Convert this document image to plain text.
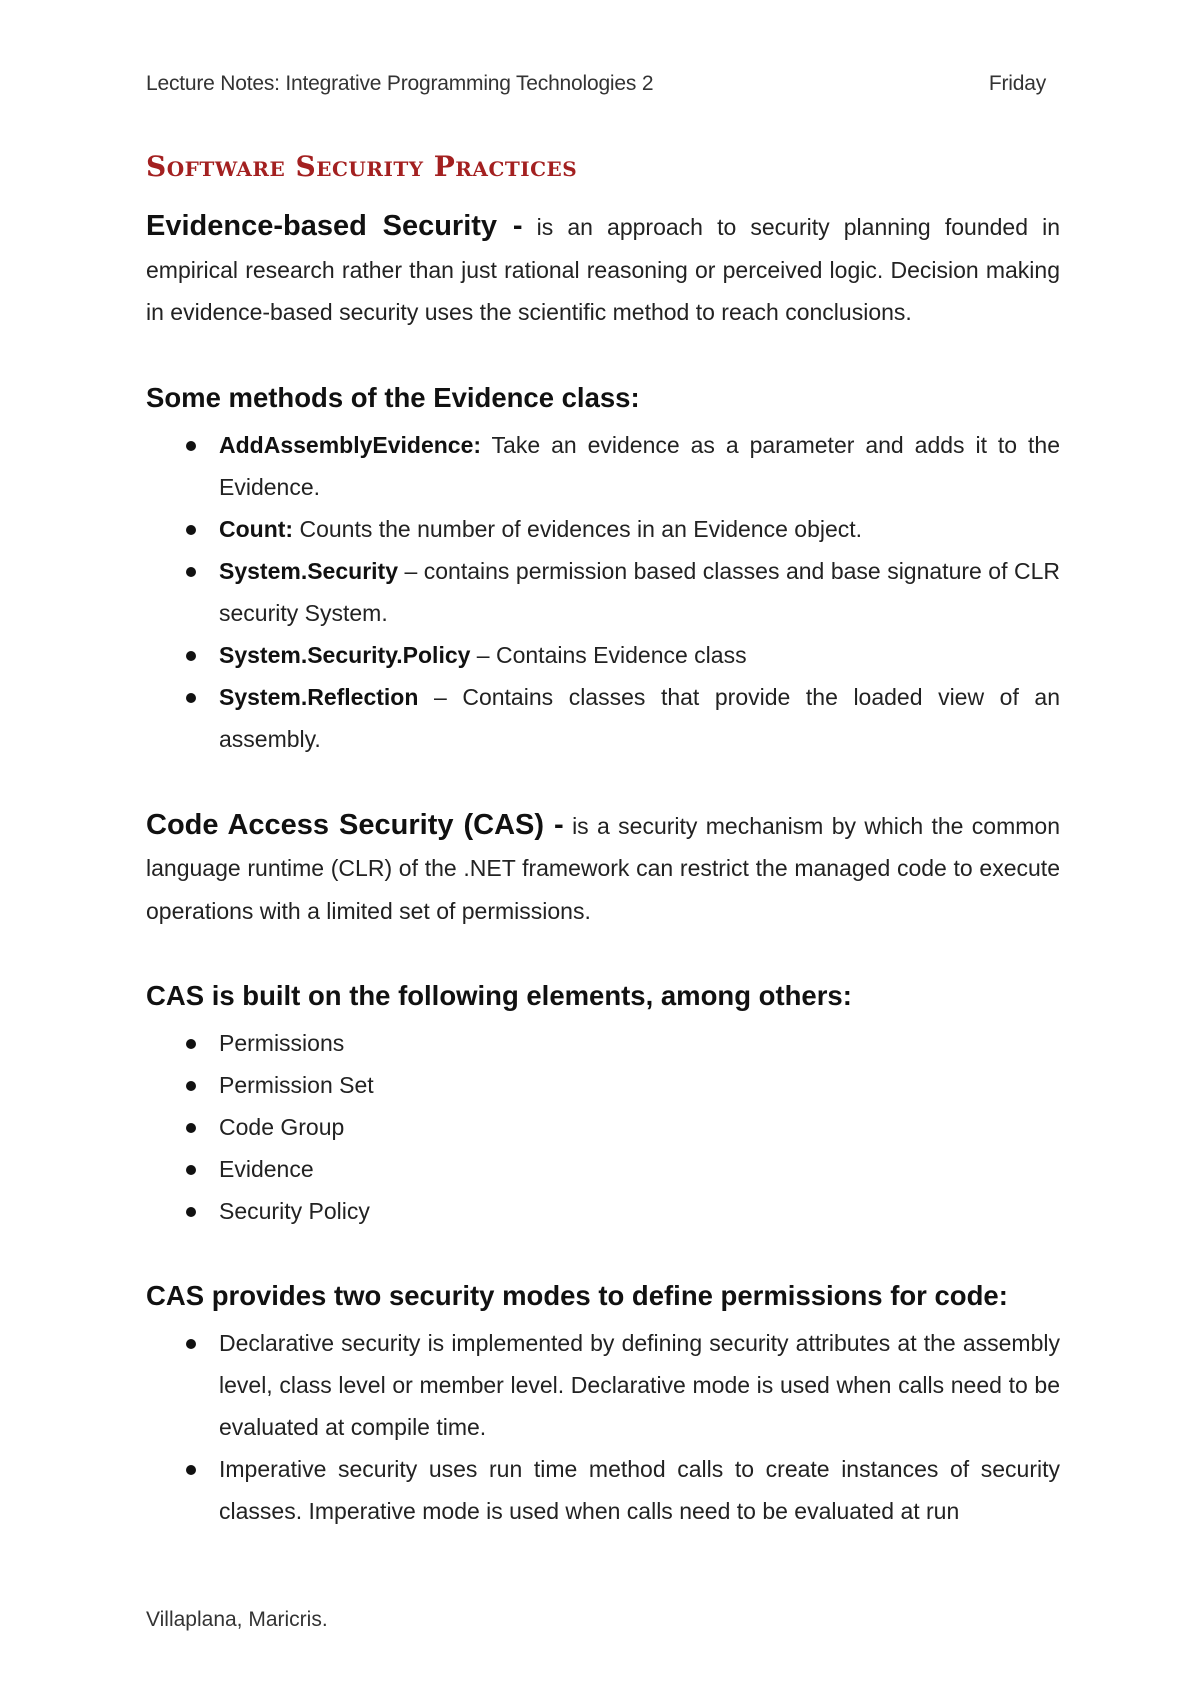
Lecture Notes: Integrative Programming Technologies 2	Friday
Software Security Practices

Evidence-based Security - is an approach to security planning founded in empirical research rather than just rational reasoning or perceived logic. Decision making in evidence-based security uses the scientific method to reach conclusions.

Some methods of the Evidence class:
AddAssemblyEvidence: Take an evidence as a parameter and adds it to the Evidence.
Count: Counts the number of evidences in an Evidence object.
System.Security – contains permission based classes and base signature of CLR security System.
System.Security.Policy – Contains Evidence class
System.Reflection – Contains classes that provide the loaded view of an assembly.

Code Access Security (CAS) - is a security mechanism by which the common language runtime (CLR) of the .NET framework can restrict the managed code to execute operations with a limited set of permissions.

CAS is built on the following elements, among others:
Permissions
Permission Set
Code Group
Evidence
Security Policy
CAS provides two security modes to define permissions for code:
Declarative security is implemented by defining security attributes at the assembly level, class level or member level. Declarative mode is used when calls need to be evaluated at compile time.
Imperative security uses run time method calls to create instances of security classes. Imperative mode is used when calls need to be evaluated at run
Villaplana, Maricris.
